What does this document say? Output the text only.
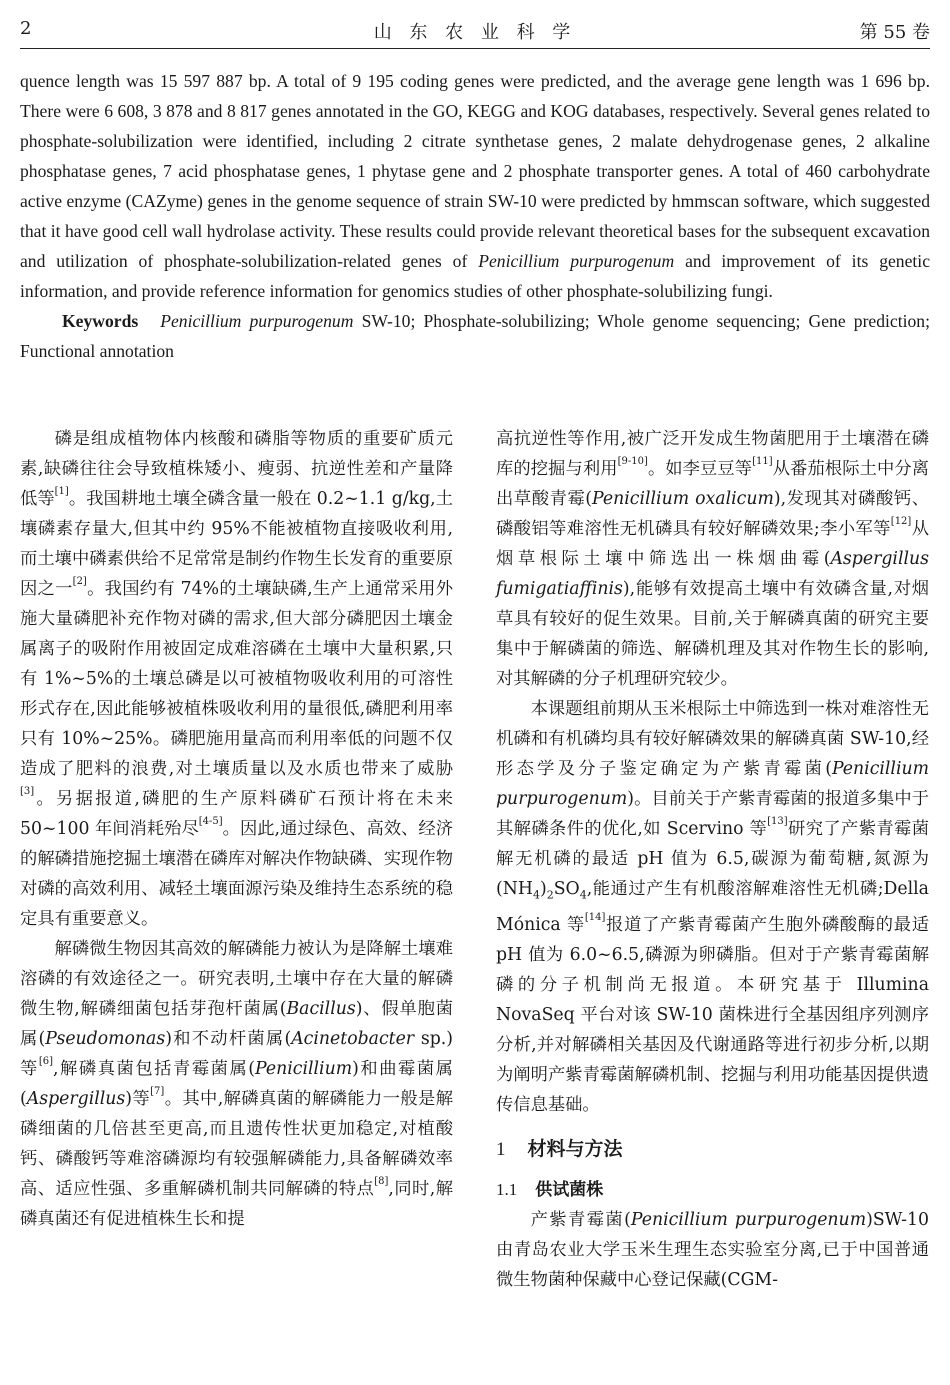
2	山 东 农 业 科 学	第 55 卷

quence length was 15 597 887 bp. A total of 9 195 coding genes were predicted, and the average gene length was 1 696 bp. There were 6 608, 3 878 and 8 817 genes annotated in the GO, KEGG and KOG databases, respectively. Several genes related to phosphate-solubilization were identified, including 2 citrate synthetase genes, 2 malate dehydrogenase genes, 2 alkaline phosphatase genes, 7 acid phosphatase genes, 1 phytase gene and 2 phosphate transporter genes. A total of 460 carbohydrate active enzyme (CAZyme) genes in the genome sequence of strain SW-10 were predicted by hmmscan software, which suggested that it have good cell wall hydrolase activity. These results could provide relevant theoretical bases for the subsequent excavation and utilization of phosphate-solubilization-related genes of Penicillium purpurogenum and improvement of its genetic information, and provide reference information for genomics studies of other phosphate-solubilizing fungi.

Keywords Penicillium purpurogenum SW-10; Phosphate-solubilizing; Whole genome sequencing; Gene prediction; Functional annotation

磷是组成植物体内核酸和磷脂等物质的重要矿质元素,缺磷往往会导致植株矮小、瘦弱、抗逆性差和产量降低等[1]。我国耕地土壤全磷含量一般在 0.2~1.1 g/kg,土壤磷素存量大,但其中约 95%不能被植物直接吸收利用,而土壤中磷素供给不足常常是制约作物生长发育的重要原因之一[2]。我国约有 74%的土壤缺磷,生产上通常采用外施大量磷肥补充作物对磷的需求,但大部分磷肥因土壤金属离子的吸附作用被固定成难溶磷在土壤中大量积累,只有 1%~5%的土壤总磷是以可被植物吸收利用的可溶性形式存在,因此能够被植株吸收利用的量很低,磷肥利用率只有 10%~25%。磷肥施用量高而利用率低的问题不仅造成了肥料的浪费,对土壤质量以及水质也带来了威胁[3]。另据报道,磷肥的生产原料磷矿石预计将在未来 50~100 年间消耗殆尽[4-5]。因此,通过绿色、高效、经济的解磷措施挖掘土壤潜在磷库对解决作物缺磷、实现作物对磷的高效利用、减轻土壤面源污染及维持生态系统的稳定具有重要意义。

解磷微生物因其高效的解磷能力被认为是降解土壤难溶磷的有效途径之一。研究表明,土壤中存在大量的解磷微生物,解磷细菌包括芽孢杆菌属(Bacillus)、假单胞菌属(Pseudomonas)和不动杆菌属(Acinetobacter sp.)等[6],解磷真菌包括青霉菌属(Penicillium)和曲霉菌属(Aspergillus)等[7]。其中,解磷真菌的解磷能力一般是解磷细菌的几倍甚至更高,而且遗传性状更加稳定,对植酸钙、磷酸钙等难溶磷源均有较强解磷能力,具备解磷效率高、适应性强、多重解磷机制共同解磷的特点[8],同时,解磷真菌还有促进植株生长和提

高抗逆性等作用,被广泛开发成生物菌肥用于土壤潜在磷库的挖掘与利用[9-10]。如李豆豆等[11]从番茄根际土中分离出草酸青霉(Penicillium oxalicum),发现其对磷酸钙、磷酸铝等难溶性无机磷具有较好解磷效果;李小军等[12]从烟草根际土壤中筛选出一株烟曲霉(Aspergillus fumigatiaffinis),能够有效提高土壤中有效磷含量,对烟草具有较好的促生效果。目前,关于解磷真菌的研究主要集中于解磷菌的筛选、解磷机理及其对作物生长的影响,对其解磷的分子机理研究较少。

本课题组前期从玉米根际土中筛选到一株对难溶性无机磷和有机磷均具有较好解磷效果的解磷真菌 SW-10,经形态学及分子鉴定确定为产紫青霉菌(Penicillium purpurogenum)。目前关于产紫青霉菌的报道多集中于其解磷条件的优化,如 Scervino 等[13]研究了产紫青霉菌解无机磷的最适 pH 值为 6.5,碳源为葡萄糖,氮源为$(NH_4)_2SO_4$,能通过产生有机酸溶解难溶性无机磷;Della Mónica 等[14]报道了产紫青霉菌产生胞外磷酸酶的最适 pH 值为 6.0~6.5,磷源为卵磷脂。但对于产紫青霉菌解磷的分子机制尚无报道。本研究基于 Illumina NovaSeq 平台对该 SW-10 菌株进行全基因组序列测序分析,并对解磷相关基因及代谢通路等进行初步分析,以期为阐明产紫青霉菌解磷机制、挖掘与利用功能基因提供遗传信息基础。

1 材料与方法
1.1 供试菌株

产紫青霉菌(Penicillium purpurogenum)SW-10 由青岛农业大学玉米生理生态实验室分离,已于中国普通微生物菌种保藏中心登记保藏(CGM-
